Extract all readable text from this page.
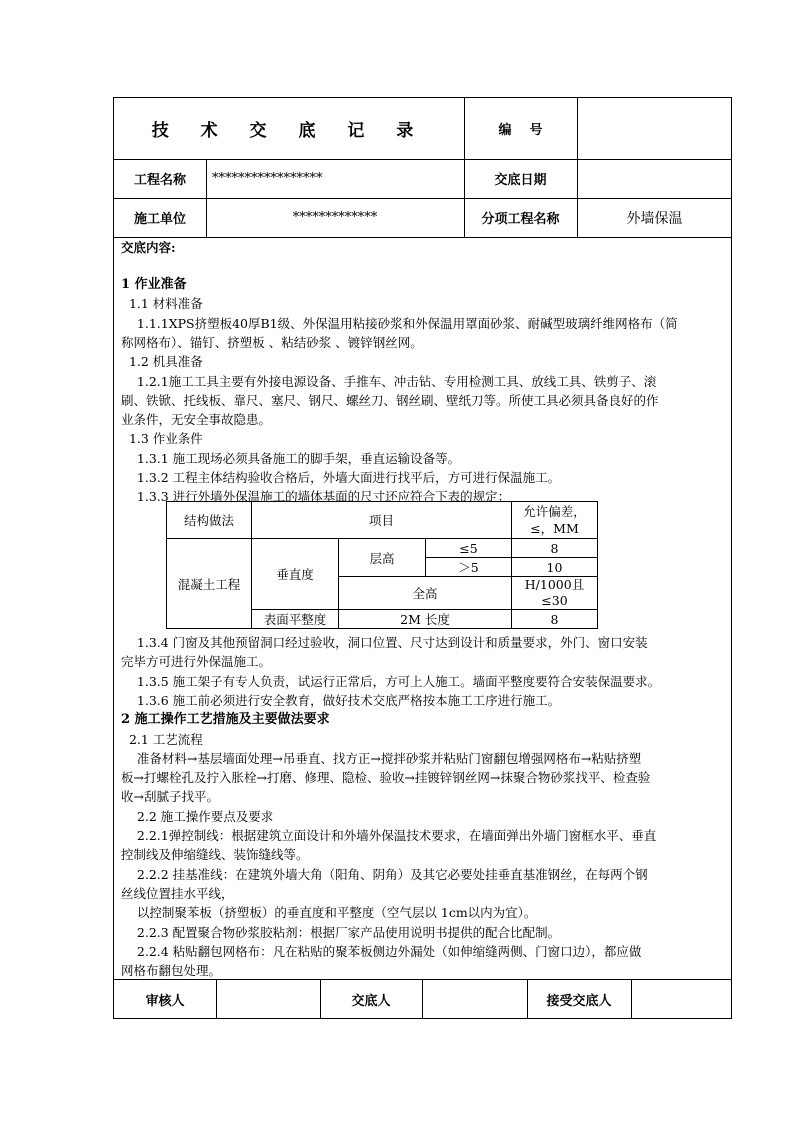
技 术 交 底 记 录	编    号
工程名称	*****************	交底日期
施工单位	*************	分项工程名称	外墙保温
交底内容:
1 作业准备
1.1 材料准备
1.1.1XPS挤塑板40厚B1级、外保温用粘接砂浆和外保温用罩面砂浆、耐碱型玻璃纤维网格布（简
称网格布）、锚钉、挤塑板 、粘结砂浆 、镀锌钢丝网。
1.2 机具准备
1.2.1施工工具主要有外接电源设备、手推车、冲击钻、专用检测工具、放线工具、铁剪子、滚
刷、铁锨、托线板、靠尺、塞尺、钢尺、螺丝刀、钢丝刷、壁纸刀等。所使工具必须具备良好的作
业条件，无安全事故隐患。
1.3 作业条件
1.3.1 施工现场必须具备施工的脚手架，垂直运输设备等。
1.3.2 工程主体结构验收合格后，外墙大面进行找平后，方可进行保温施工。
1.3.3 进行外墙外保温施工的墙体基面的尺寸还应符合下表的规定：
结构做法	项目			允许偏差，≤，MM
混凝土工程	垂直度	层高	≤5	8
			＞5	10
		全高		H/1000且≤30
	表面平整度	2M 长度		8
1.3.4 门窗及其他预留洞口经过验收，洞口位置、尺寸达到设计和质量要求，外门、窗口安装
完毕方可进行外保温施工。
1.3.5 施工架子有专人负责，试运行正常后，方可上人施工。墙面平整度要符合安装保温要求。
1.3.6 施工前必须进行安全教育，做好技术交底严格按本施工工序进行施工。
2 施工操作工艺措施及主要做法要求
2.1 工艺流程
准备材料→基层墙面处理→吊垂直、找方正→搅拌砂浆并粘贴门窗翻包增强网格布→粘贴挤塑
板→打螺栓孔及拧入胀栓→打磨、修理、隐检、验收→挂镀锌钢丝网→抹聚合物砂浆找平、检查验
收→刮腻子找平。
2.2 施工操作要点及要求
2.2.1弹控制线：根据建筑立面设计和外墙外保温技术要求，在墙面弹出外墙门窗框水平、垂直
控制线及伸缩缝线、装饰缝线等。
2.2.2 挂基准线：在建筑外墙大角（阳角、阴角）及其它必要处挂垂直基准钢丝，在每两个钢
丝线位置挂水平线，
以控制聚苯板（挤塑板）的垂直度和平整度（空气层以 1cm以内为宜）。
2.2.3 配置聚合物砂浆胶粘剂：根据厂家产品使用说明书提供的配合比配制。
2.2.4 粘贴翻包网格布：凡在粘贴的聚苯板侧边外漏处（如伸缩缝两侧、门窗口边），都应做
网格布翻包处理。
审核人	交底人	接受交底人
